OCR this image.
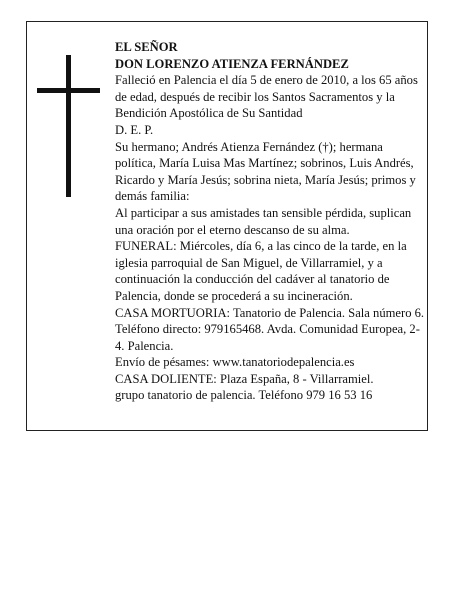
EL SEÑOR

DON LORENZO ATIENZA FERNÁNDEZ

Falleció en Palencia el día 5 de enero de 2010, a los 65 años de edad, después de recibir los Santos Sacramentos y la Bendición Apostólica de Su Santidad

D. E. P.

Su hermano; Andrés Atienza Fernández (†); hermana política, María Luisa Mas Martínez; sobrinos, Luis Andrés, Ricardo y María Jesús; sobrina nieta, María Jesús; primos y demás familia:

Al participar a sus amistades tan sensible pérdida, suplican una oración por el eterno descanso de su alma.

FUNERAL: Miércoles, día 6, a las cinco de la tarde, en la iglesia parroquial de San Miguel, de Villarramiel, y a continuación la conducción del cadáver al tanatorio de Palencia, donde se procederá a su incineración.

CASA MORTUORIA: Tanatorio de Palencia. Sala número 6. Teléfono directo: 979165468. Avda. Comunidad Europea, 2-4. Palencia.

Envío de pésames: www.tanatoriodepalencia.es

CASA DOLIENTE: Plaza España, 8 - Villarramiel.

grupo tanatorio de palencia. Teléfono 979 16 53 16
